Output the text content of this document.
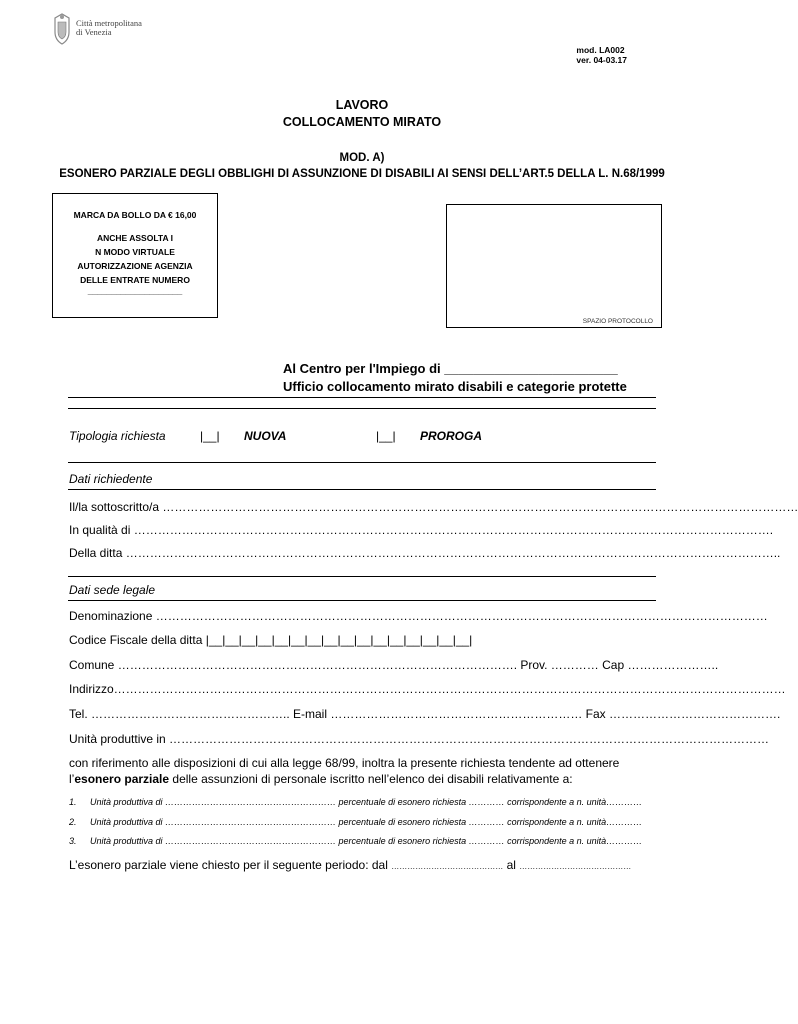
Città metropolitana
di Venezia
mod. LA002
ver. 04-03.17
LAVORO
COLLOCAMENTO MIRATO
MOD. A)
ESONERO PARZIALE DEGLI OBBLIGHI DI ASSUNZIONE DI DISABILI AI SENSI DELL’ART.5 DELLA L. N.68/1999
MARCA DA BOLLO DA € 16,00
ANCHE ASSOLTA I
N MODO VIRTUALE
AUTORIZZAZIONE AGENZIA
DELLE ENTRATE NUMERO
____________________
SPAZIO PROTOCOLLO
Al Centro per l'Impiego di ________________________
Ufficio collocamento mirato disabili e categorie protette
Tipologia richiesta	|__| NUOVA	|__| PROROGA
Dati richiedente
Il/la sottoscritto/a ……………………………………………………………………………………………………………………………………………
In qualità di …………………………………………………………………………………………………………………………………………….
Della ditta ………………………………………………………………………………………………………………………………………………..
Dati sede legale
Denominazione ………………………………………………………………………………………………………………………………………
Codice Fiscale della ditta |__|__|__|__|__|__|__|__|__|__|__|__|__|__|__|__|
Comune ………………………………………………………………………………………. Prov. ………… Cap …………………..
Indirizzo……………………………………………………………………………………………………………………………………………………
Tel. ………………………………………….. E-mail ……………………………………………………… Fax …………………………………….
Unità produttive in ……………………………………………………………………………………………………………………………………
con riferimento alle disposizioni di cui alla legge 68/99, inoltra la presente richiesta tendente ad ottenere
l’esonero parziale delle assunzioni di personale iscritto nell’elenco dei disabili relativamente a:
1. Unità produttiva di ………………………………………………… percentuale di esonero richiesta ………… corrispondente a n. unità…………
2. Unità produttiva di ………………………………………………… percentuale di esonero richiesta ………… corrispondente a n. unità…………
3. Unità produttiva di ………………………………………………… percentuale di esonero richiesta ………… corrispondente a n. unità…………
L’esonero parziale viene chiesto per il seguente periodo: dal …………………………………… al ……………………………………
